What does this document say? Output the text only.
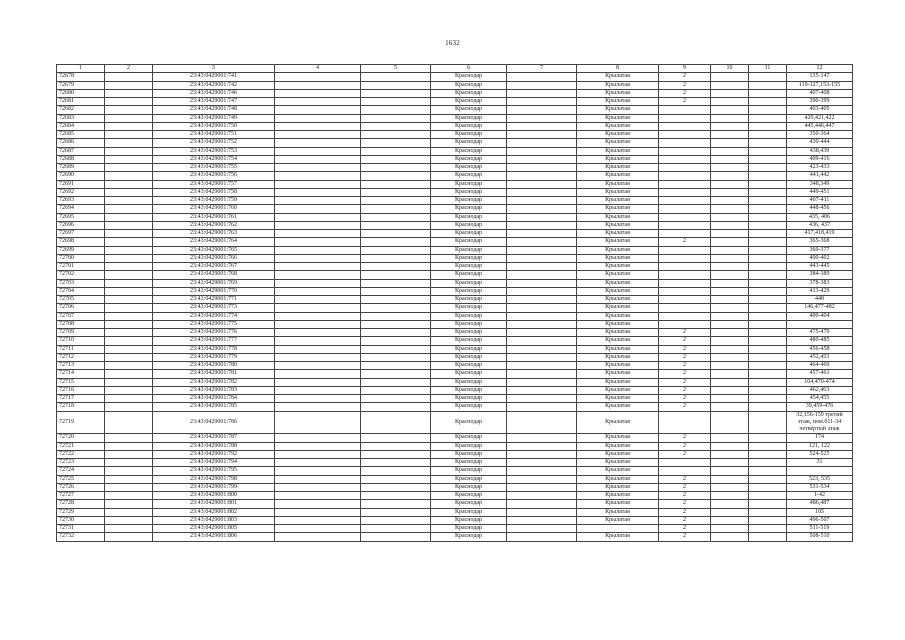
1632
1	2	3	4	5	6	7	8	9	10	11	12
72678		23:43:0429001:741			Краснодар		Крылатая	2			135-147
72679		23:43:0429001:742			Краснодар		Крылатая	2			119-127,153-155
72680		23:43:0429001:746			Краснодар		Крылатая	2			407-408
72681		23:43:0429001:747			Краснодар		Крылатая	2			390-399
72682		23:43:0429001:748			Краснодар		Крылатая				403-405
72683		23:43:0429001:749			Краснодар		Крылатая				420,421,422
72684		23:43:0429001:750			Краснодар		Крылатая				445,446,447
72685		23:43:0429001:751			Краснодар		Крылатая				350-364
72686		23:43:0429001:752			Краснодар		Крылатая				430-444
72687		23:43:0429001:753			Краснодар		Крылатая				438,439
72688		23:43:0429001:754			Краснодар		Крылатая				409-416
72689		23:43:0429001:755			Краснодар		Крылатая				423-433
72690		23:43:0429001:756			Краснодар		Крылатая				441,442
72691		23:43:0429001:757			Краснодар		Крылатая				348,349
72692		23:43:0429001:758			Краснодар		Крылатая				449-451
72693		23:43:0429001:759			Краснодар		Крылатая				407-411
72694		23:43:0429001:760			Краснодар		Крылатая				448-456
72695		23:43:0429001:761			Краснодар		Крылатая				435, 406
72696		23:43:0429001:762			Краснодар		Крылатая				436, 437
72697		23:43:0429001:763			Краснодар		Крылатая				417,418,419
72698		23:43:0429001:764			Краснодар		Крылатая	2			365-368
72699		23:43:0429001:765			Краснодар		Крылатая				369-377
72700		23:43:0429001:766			Краснодар		Крылатая				400-402
72701		23:43:0429001:767			Краснодар		Крылатая				443-445
72702		23:43:0429001:768			Краснодар		Крылатая				384-389
72703		23:43:0429001:769			Краснодар		Крылатая				378-383
72704		23:43:0429001:770			Краснодар		Крылатая				413-429
72705		23:43:0429001:771			Краснодар		Крылатая				440
72706		23:43:0429001:773			Краснодар		Крылатая				146,477-482
72707		23:43:0429001:774			Краснодар		Крылатая				400-404
72708		23:43:0429001:775			Краснодар		Крылатая				
72709		23:43:0429001:776			Краснодар		Крылатая	2			475-479
72710		23:43:0429001:777			Краснодар		Крылатая	2			480-485
72711		23:43:0429001:778			Краснодар		Крылатая	2			456-458
72712		23:43:0429001:779			Краснодар		Крылатая	2			452,453
72713		23:43:0429001:780			Краснодар		Крылатая	2			464-469
72714		23:43:0429001:781			Краснодар		Крылатая	2			457-461
72715		23:43:0429001:782			Краснодар		Крылатая	2			104,470-474
72716		23:43:0429001:783			Краснодар		Крылатая	2			462,463
72717		23:43:0429001:784			Краснодар		Крылатая	2			454,455
72718		23:43:0429001:785			Краснодар		Крылатая	2			39,459-476
72719		23:43:0429001:786			Краснодар		Крылатая				32,156-159 третий этаж, пом.б11-34 четвертый этаж
72720		23:43:0429001:787			Краснодар		Крылатая	2			174
72721		23:43:0429001:788			Краснодар		Крылатая	2			121, 122
72722		23:43:0429001:792			Краснодар		Крылатая	2			524-525
72723		23:43:0429001:794			Краснодар		Крылатая				31
72724		23:43:0429001:795			Краснодар		Крылатая				
72725		23:43:0429001:798			Краснодар		Крылатая	2			523, 535
72726		23:43:0429001:799			Краснодар		Крылатая	2			531-534
72727		23:43:0429001:800			Краснодар		Крылатая	2			1-42
72728		23:43:0429001:801			Краснодар		Крылатая	2			486,487
72729		23:43:0429001:802			Краснодар		Крылатая	2			105
72730		23:43:0429001:803			Краснодар		Крылатая	2			496-507
72731		23:43:0429001:805			Краснодар			2			511-519
72732		23:43:0429001:806			Краснодар		Крылатая	2			508-510
